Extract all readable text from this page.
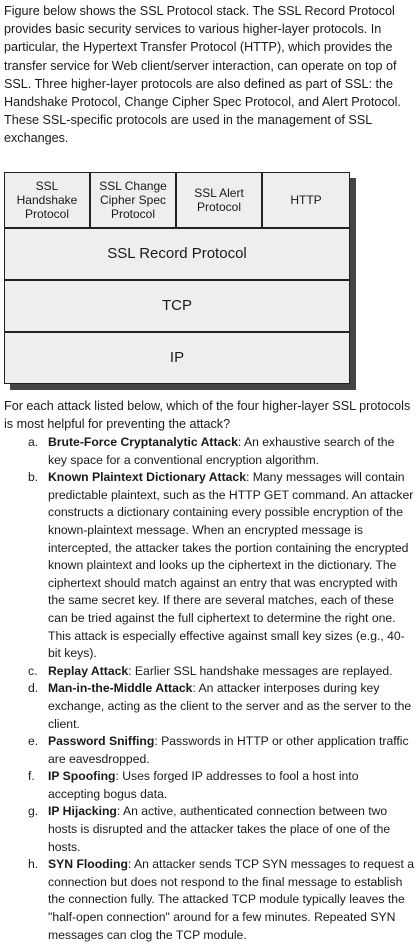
Figure below shows the SSL Protocol stack. The SSL Record Protocol provides basic security services to various higher-layer protocols. In particular, the Hypertext Transfer Protocol (HTTP), which provides the transfer service for Web client/server interaction, can operate on top of SSL. Three higher-layer protocols are also defined as part of SSL: the Handshake Protocol, Change Cipher Spec Protocol, and Alert Protocol. These SSL-specific protocols are used in the management of SSL exchanges.

SSL
Handshake
Protocol
SSL Change
Cipher Spec
Protocol
SSL Alert
Protocol	HTTP
SSL Record Protocol
TCP
IP

For each attack listed below, which of the four higher-layer SSL protocols is most helpful for preventing the attack?

a. Brute-Force Cryptanalytic Attack: An exhaustive search of the key space for a conventional encryption algorithm.
b. Known Plaintext Dictionary Attack: Many messages will contain predictable plaintext, such as the HTTP GET command. An attacker constructs a dictionary containing every possible encryption of the known-plaintext message. When an encrypted message is intercepted, the attacker takes the portion containing the encrypted known plaintext and looks up the ciphertext in the dictionary. The ciphertext should match against an entry that was encrypted with the same secret key. If there are several matches, each of these can be tried against the full ciphertext to determine the right one.
This attack is especially effective against small key sizes (e.g., 40-bit keys).
c. Replay Attack: Earlier SSL handshake messages are replayed.
d. Man-in-the-Middle Attack: An attacker interposes during key exchange, acting as the client to the server and as the server to the client.
e. Password Sniffing: Passwords in HTTP or other application traffic are eavesdropped.
f. IP Spoofing: Uses forged IP addresses to fool a host into accepting bogus data.
g. IP Hijacking: An active, authenticated connection between two hosts is disrupted and the attacker takes the place of one of the hosts.
h. SYN Flooding: An attacker sends TCP SYN messages to request a connection but does not respond to the final message to establish the connection fully. The attacked TCP module typically leaves the "half-open connection" around for a few minutes. Repeated SYN messages can clog the TCP module.
